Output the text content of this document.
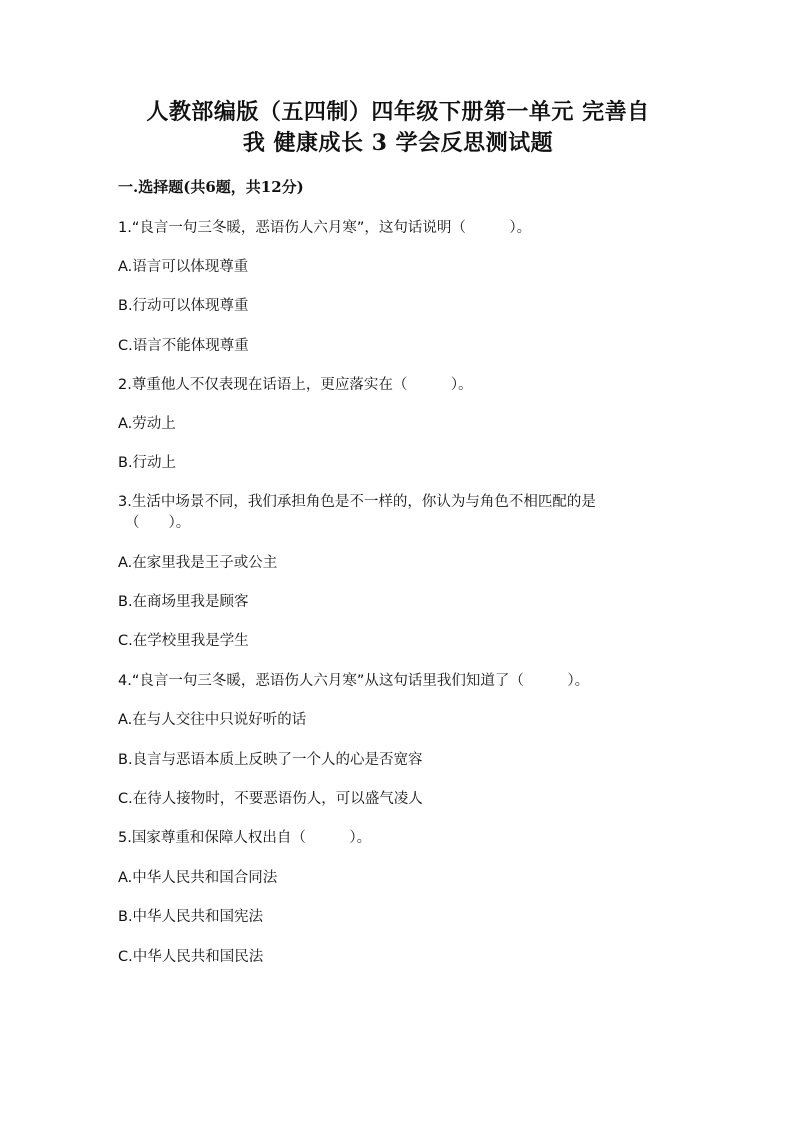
人教部编版（五四制）四年级下册第一单元 完善自
我 健康成长 3 学会反思测试题
一.选择题(共6题，共12分)
1.“良言一句三冬暖，恶语伤人六月寒”，这句话说明（　　　）。
A.语言可以体现尊重
B.行动可以体现尊重
C.语言不能体现尊重
2.尊重他人不仅表现在话语上，更应落实在（　　　）。
A.劳动上
B.行动上
3.生活中场景不同，我们承担角色是不一样的，你认为与角色不相匹配的是
（　　）。
A.在家里我是王子或公主
B.在商场里我是顾客
C.在学校里我是学生
4.“良言一句三冬暖，恶语伤人六月寒”从这句话里我们知道了（　　　）。
A.在与人交往中只说好听的话
B.良言与恶语本质上反映了一个人的心是否宽容
C.在待人接物时，不要恶语伤人，可以盛气凌人
5.国家尊重和保障人权出自（　　　）。
A.中华人民共和国合同法
B.中华人民共和国宪法
C.中华人民共和国民法
